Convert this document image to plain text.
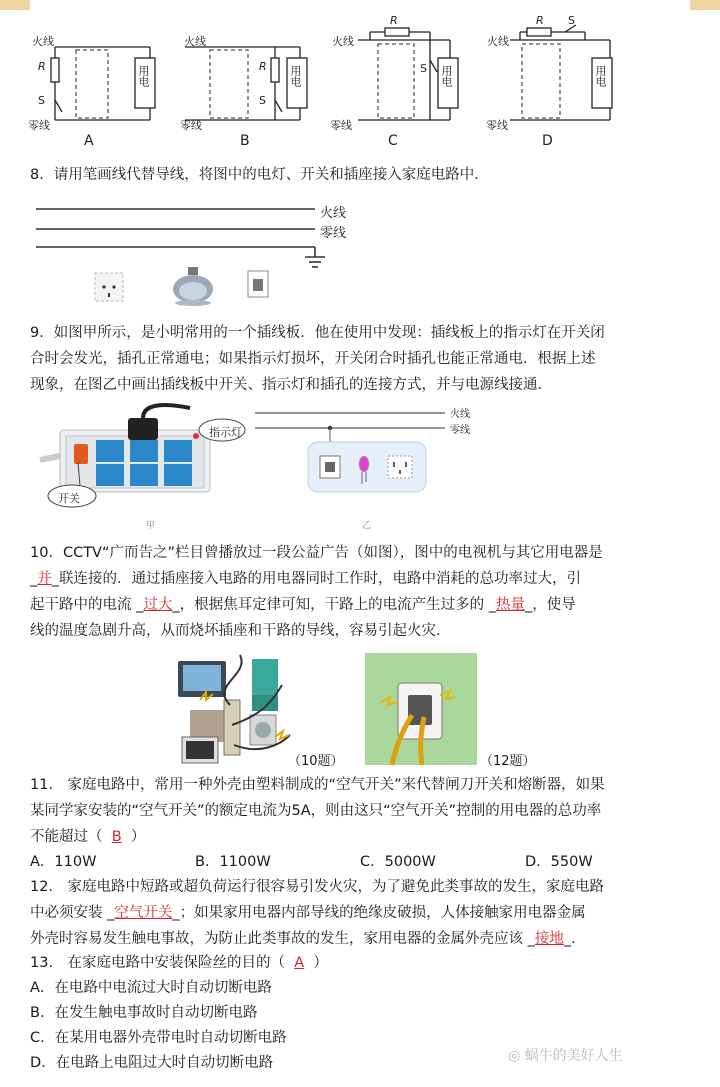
火线
R
S
零线
用电
A
火线
R
S
零线
用电
B
火线
R
S
零线
用电
C
火线
R S
零线
用电
D
8．请用笔画线代替导线，将图中的电灯、开关和插座接入家庭电路中．
火线
零线
9．如图甲所示，是小明常用的一个插线板．他在使用中发现：插线板上的指示灯在开关闭
合时会发光，插孔正常通电；如果指示灯损坏，开关闭合时插孔也能正常通电．根据上述
现象，在图乙中画出插线板中开关、指示灯和插孔的连接方式，并与电源线接通．
指示灯
开关
火线
零线
甲	乙
10．CCTV“广而告之”栏目曾播放过一段公益广告（如图），图中的电视机与其它用电器是
_并_联连接的．通过插座接入电路的用电器同时工作时，电路中消耗的总功率过大，引
起干路中的电流 _过大_，根据焦耳定律可知，干路上的电流产生过多的 _热量_，使导
线的温度急剧升高，从而烧坏插座和干路的导线，容易引起火灾．
（10题）	（12题）
11． 家庭电路中，常用一种外壳由塑料制成的“空气开关”来代替闸刀开关和熔断器，如果
某同学家安装的“空气开关”的额定电流为5A，则由这只“空气开关”控制的用电器的总功率
不能超过（ B ）
A．110W	B．1100W	C．5000W	D．550W
12． 家庭电路中短路或超负荷运行很容易引发火灾，为了避免此类事故的发生，家庭电路
中必须安装 _空气开关_；如果家用电器内部导线的绝缘皮破损，人体接触家用电器金属
外壳时容易发生触电事故，为防止此类事故的发生，家用电器的金属外壳应该 _接地_．
13． 在家庭电路中安装保险丝的目的（ A ）
A．在电路中电流过大时自动切断电路
B．在发生触电事故时自动切断电路
C．在某用电器外壳带电时自动切断电路
D．在电路上电阻过大时自动切断电路	◎ 蜗牛的美好人生
